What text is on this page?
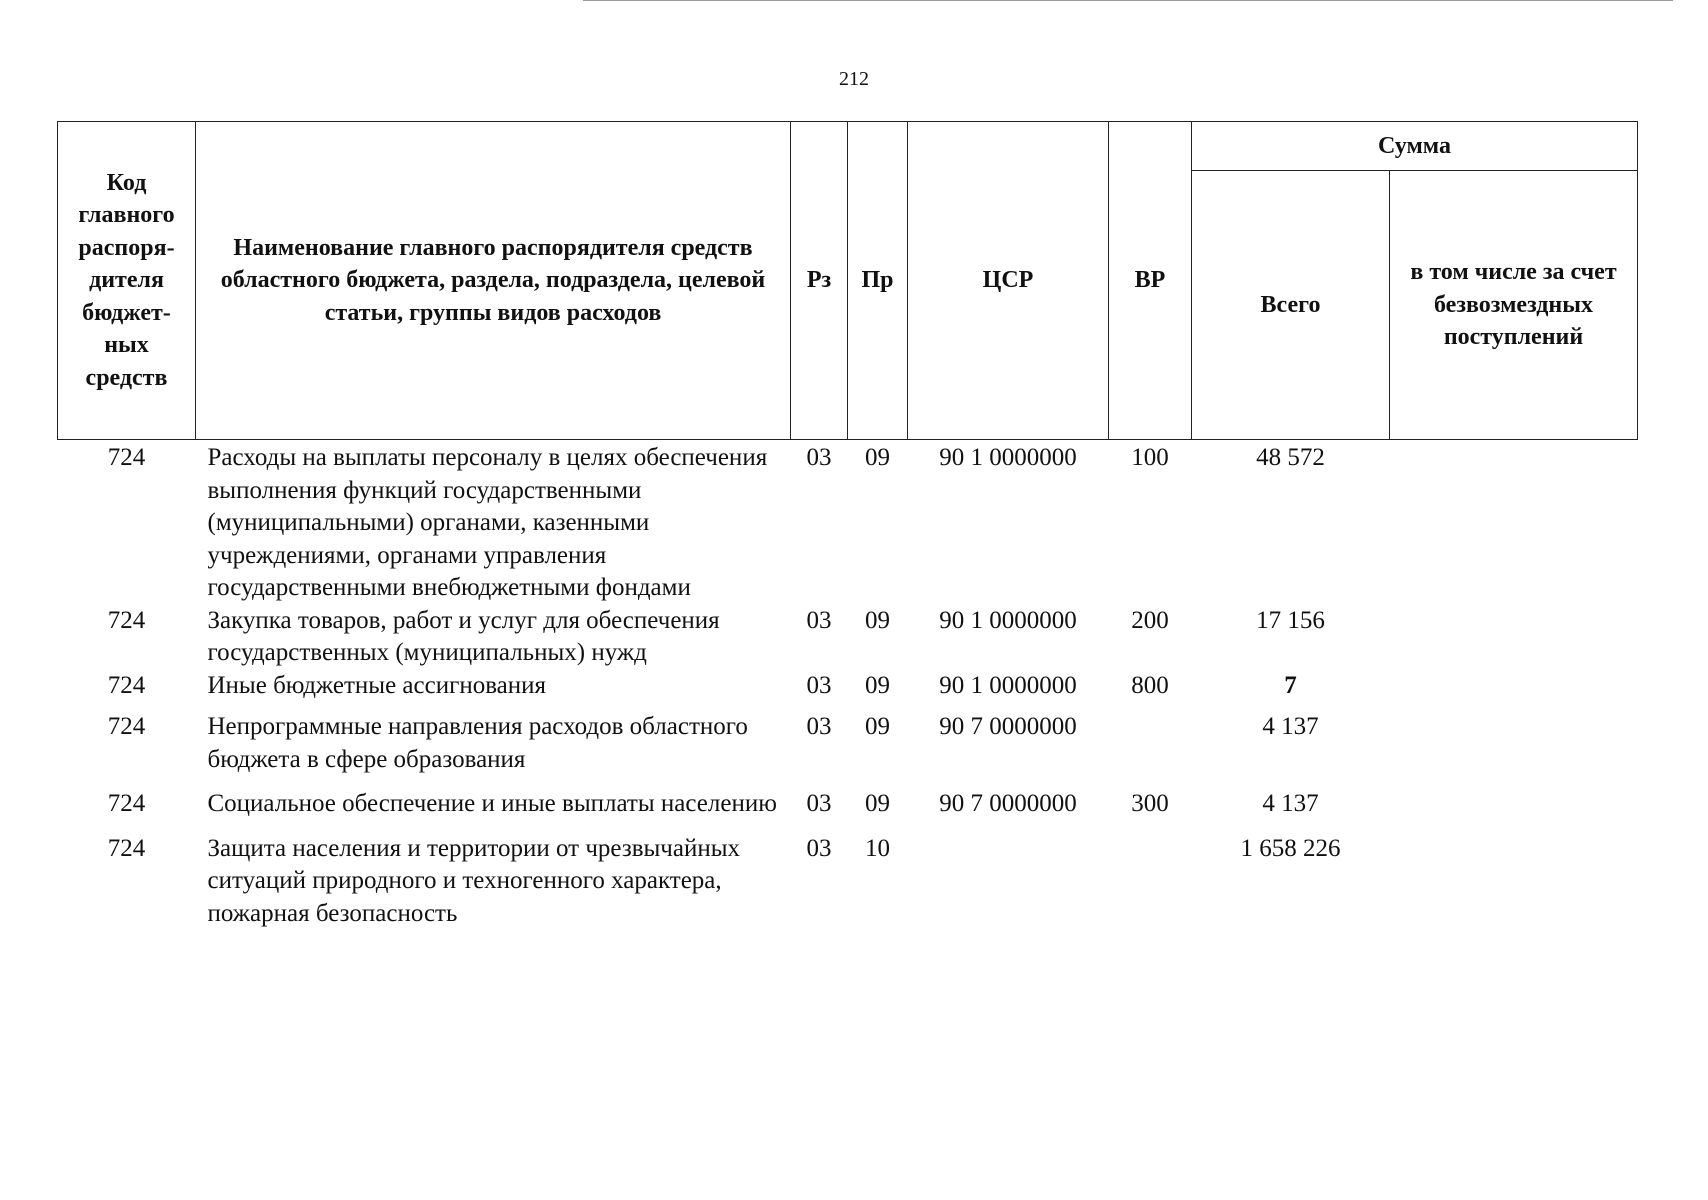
212
Код главного распоря-дителя бюджет-ных средств	Наименование главного распорядителя средств областного бюджета, раздела, подраздела, целевой статьи, группы видов расходов	Рз	Пр	ЦСР	ВР	Сумма	
						Всего	в том числе за счет безвозмездных поступлений
724	Расходы на выплаты персоналу в целях обеспечения выполнения функций государственными (муниципальными) органами, казенными учреждениями, органами управления государственными внебюджетными фондами	03	09	90 1 0000000	100	48 572	
724	Закупка товаров, работ и услуг для обеспечения государственных (муниципальных) нужд	03	09	90 1 0000000	200	17 156	
724	Иные бюджетные ассигнования	03	09	90 1 0000000	800	7	
724	Непрограммные направления расходов областного бюджета в сфере образования	03	09	90 7 0000000		4 137	
724	Социальное обеспечение и иные выплаты населению	03	09	90 7 0000000	300	4 137	
724	Защита населения и территории от чрезвычайных ситуаций природного и техногенного характера, пожарная безопасность	03	10			1 658 226	
